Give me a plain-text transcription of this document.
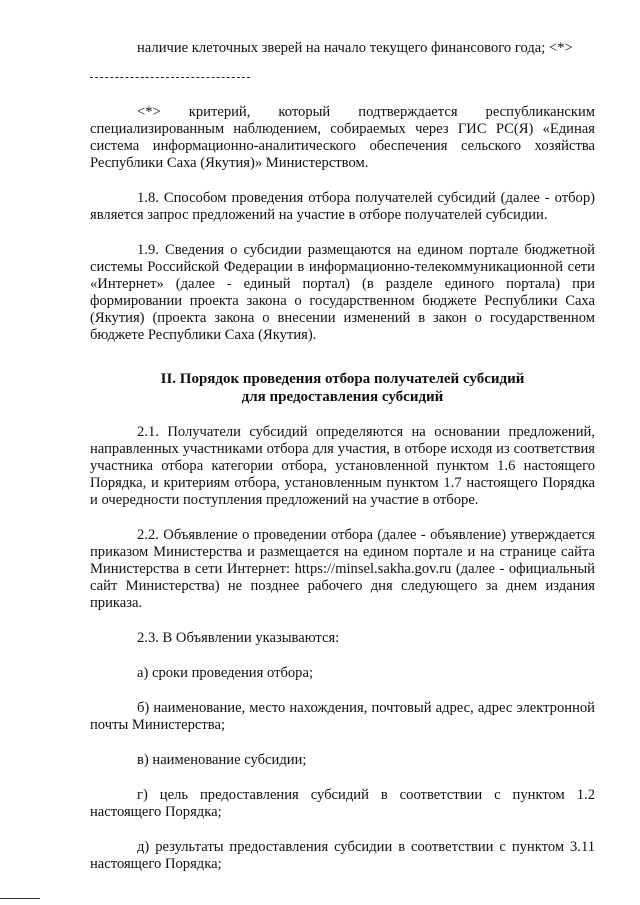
наличие клеточных зверей на начало текущего финансового года; <*>

<*> критерий, который подтверждается республиканским специализированным наблюдением, собираемых через ГИС РС(Я) «Единая система информационно-аналитического обеспечения сельского хозяйства Республики Саха (Якутия)» Министерством.

1.8. Способом проведения отбора получателей субсидий (далее - отбор) является запрос предложений на участие в отборе получателей субсидии.

1.9. Сведения о субсидии размещаются на едином портале бюджетной системы Российской Федерации в информационно-телекоммуникационной сети «Интернет» (далее - единый портал) (в разделе единого портала) при формировании проекта закона о государственном бюджете Республики Саха (Якутия) (проекта закона о внесении изменений в закон о государственном бюджете Республики Саха (Якутия).

II. Порядок проведения отбора получателей субсидий
для предоставления субсидий

2.1. Получатели субсидий определяются на основании предложений, направленных участниками отбора для участия, в отборе исходя из соответствия участника отбора категории отбора, установленной пунктом 1.6 настоящего Порядка, и критериям отбора, установленным пунктом 1.7 настоящего Порядка и очередности поступления предложений на участие в отборе.

2.2. Объявление о проведении отбора (далее - объявление) утверждается приказом Министерства и размещается на едином портале и на странице сайта Министерства в сети Интернет: https://minsel.sakha.gov.ru (далее - официальный сайт Министерства) не позднее рабочего дня следующего за днем издания приказа.

2.3. В Объявлении указываются:

а) сроки проведения отбора;

б) наименование, место нахождения, почтовый адрес, адрес электронной почты Министерства;

в) наименование субсидии;

г) цель предоставления субсидий в соответствии с пунктом 1.2 настоящего Порядка;

д) результаты предоставления субсидии в соответствии с пунктом 3.11 настоящего Порядка;
